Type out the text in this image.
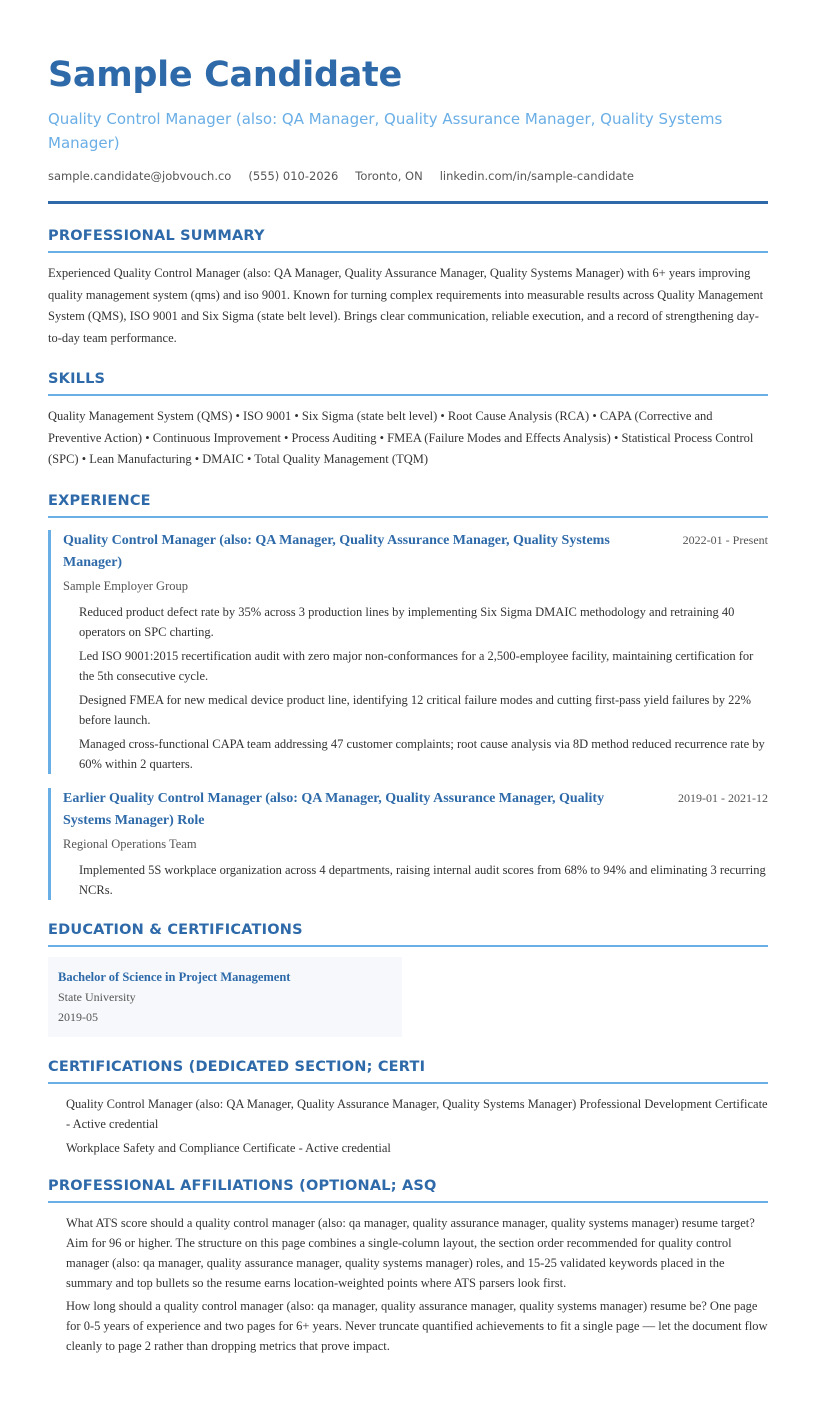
Sample Candidate
Quality Control Manager (also: QA Manager, Quality Assurance Manager, Quality Systems Manager)
sample.candidate@jobvouch.co (555) 010-2026 Toronto, ON linkedin.com/in/sample-candidate
PROFESSIONAL SUMMARY

Experienced Quality Control Manager (also: QA Manager, Quality Assurance Manager, Quality Systems Manager) with 6+ years improving quality management system (qms) and iso 9001. Known for turning complex requirements into measurable results across Quality Management System (QMS), ISO 9001 and Six Sigma (state belt level). Brings clear communication, reliable execution, and a record of strengthening day-to-day team performance.

SKILLS

Quality Management System (QMS) • ISO 9001 • Six Sigma (state belt level) • Root Cause Analysis (RCA) • CAPA (Corrective and Preventive Action) • Continuous Improvement • Process Auditing • FMEA (Failure Modes and Effects Analysis) • Statistical Process Control (SPC) • Lean Manufacturing • DMAIC • Total Quality Management (TQM)

EXPERIENCE
Quality Control Manager (also: QA Manager, Quality Assurance Manager, Quality Systems Manager)
2022-01 - Present
Sample Employer Group
Reduced product defect rate by 35% across 3 production lines by implementing Six Sigma DMAIC methodology and retraining 40 operators on SPC charting.
Led ISO 9001:2015 recertification audit with zero major non-conformances for a 2,500-employee facility, maintaining certification for the 5th consecutive cycle.
Designed FMEA for new medical device product line, identifying 12 critical failure modes and cutting first-pass yield failures by 22% before launch.
Managed cross-functional CAPA team addressing 47 customer complaints; root cause analysis via 8D method reduced recurrence rate by 60% within 2 quarters.
Earlier Quality Control Manager (also: QA Manager, Quality Assurance Manager, Quality Systems Manager) Role
2019-01 - 2021-12
Regional Operations Team
Implemented 5S workplace organization across 4 departments, raising internal audit scores from 68% to 94% and eliminating 3 recurring NCRs.
EDUCATION & CERTIFICATIONS
Bachelor of Science in Project Management
State University
2019-05
CERTIFICATIONS (DEDICATED SECTION; CERTI
Quality Control Manager (also: QA Manager, Quality Assurance Manager, Quality Systems Manager) Professional Development Certificate - Active credential
Workplace Safety and Compliance Certificate - Active credential
PROFESSIONAL AFFILIATIONS (OPTIONAL; ASQ
What ATS score should a quality control manager (also: qa manager, quality assurance manager, quality systems manager) resume target? Aim for 96 or higher. The structure on this page combines a single-column layout, the section order recommended for quality control manager (also: qa manager, quality assurance manager, quality systems manager) roles, and 15-25 validated keywords placed in the summary and top bullets so the resume earns location-weighted points where ATS parsers look first.
How long should a quality control manager (also: qa manager, quality assurance manager, quality systems manager) resume be? One page for 0-5 years of experience and two pages for 6+ years. Never truncate quantified achievements to fit a single page — let the document flow cleanly to page 2 rather than dropping metrics that prove impact.
